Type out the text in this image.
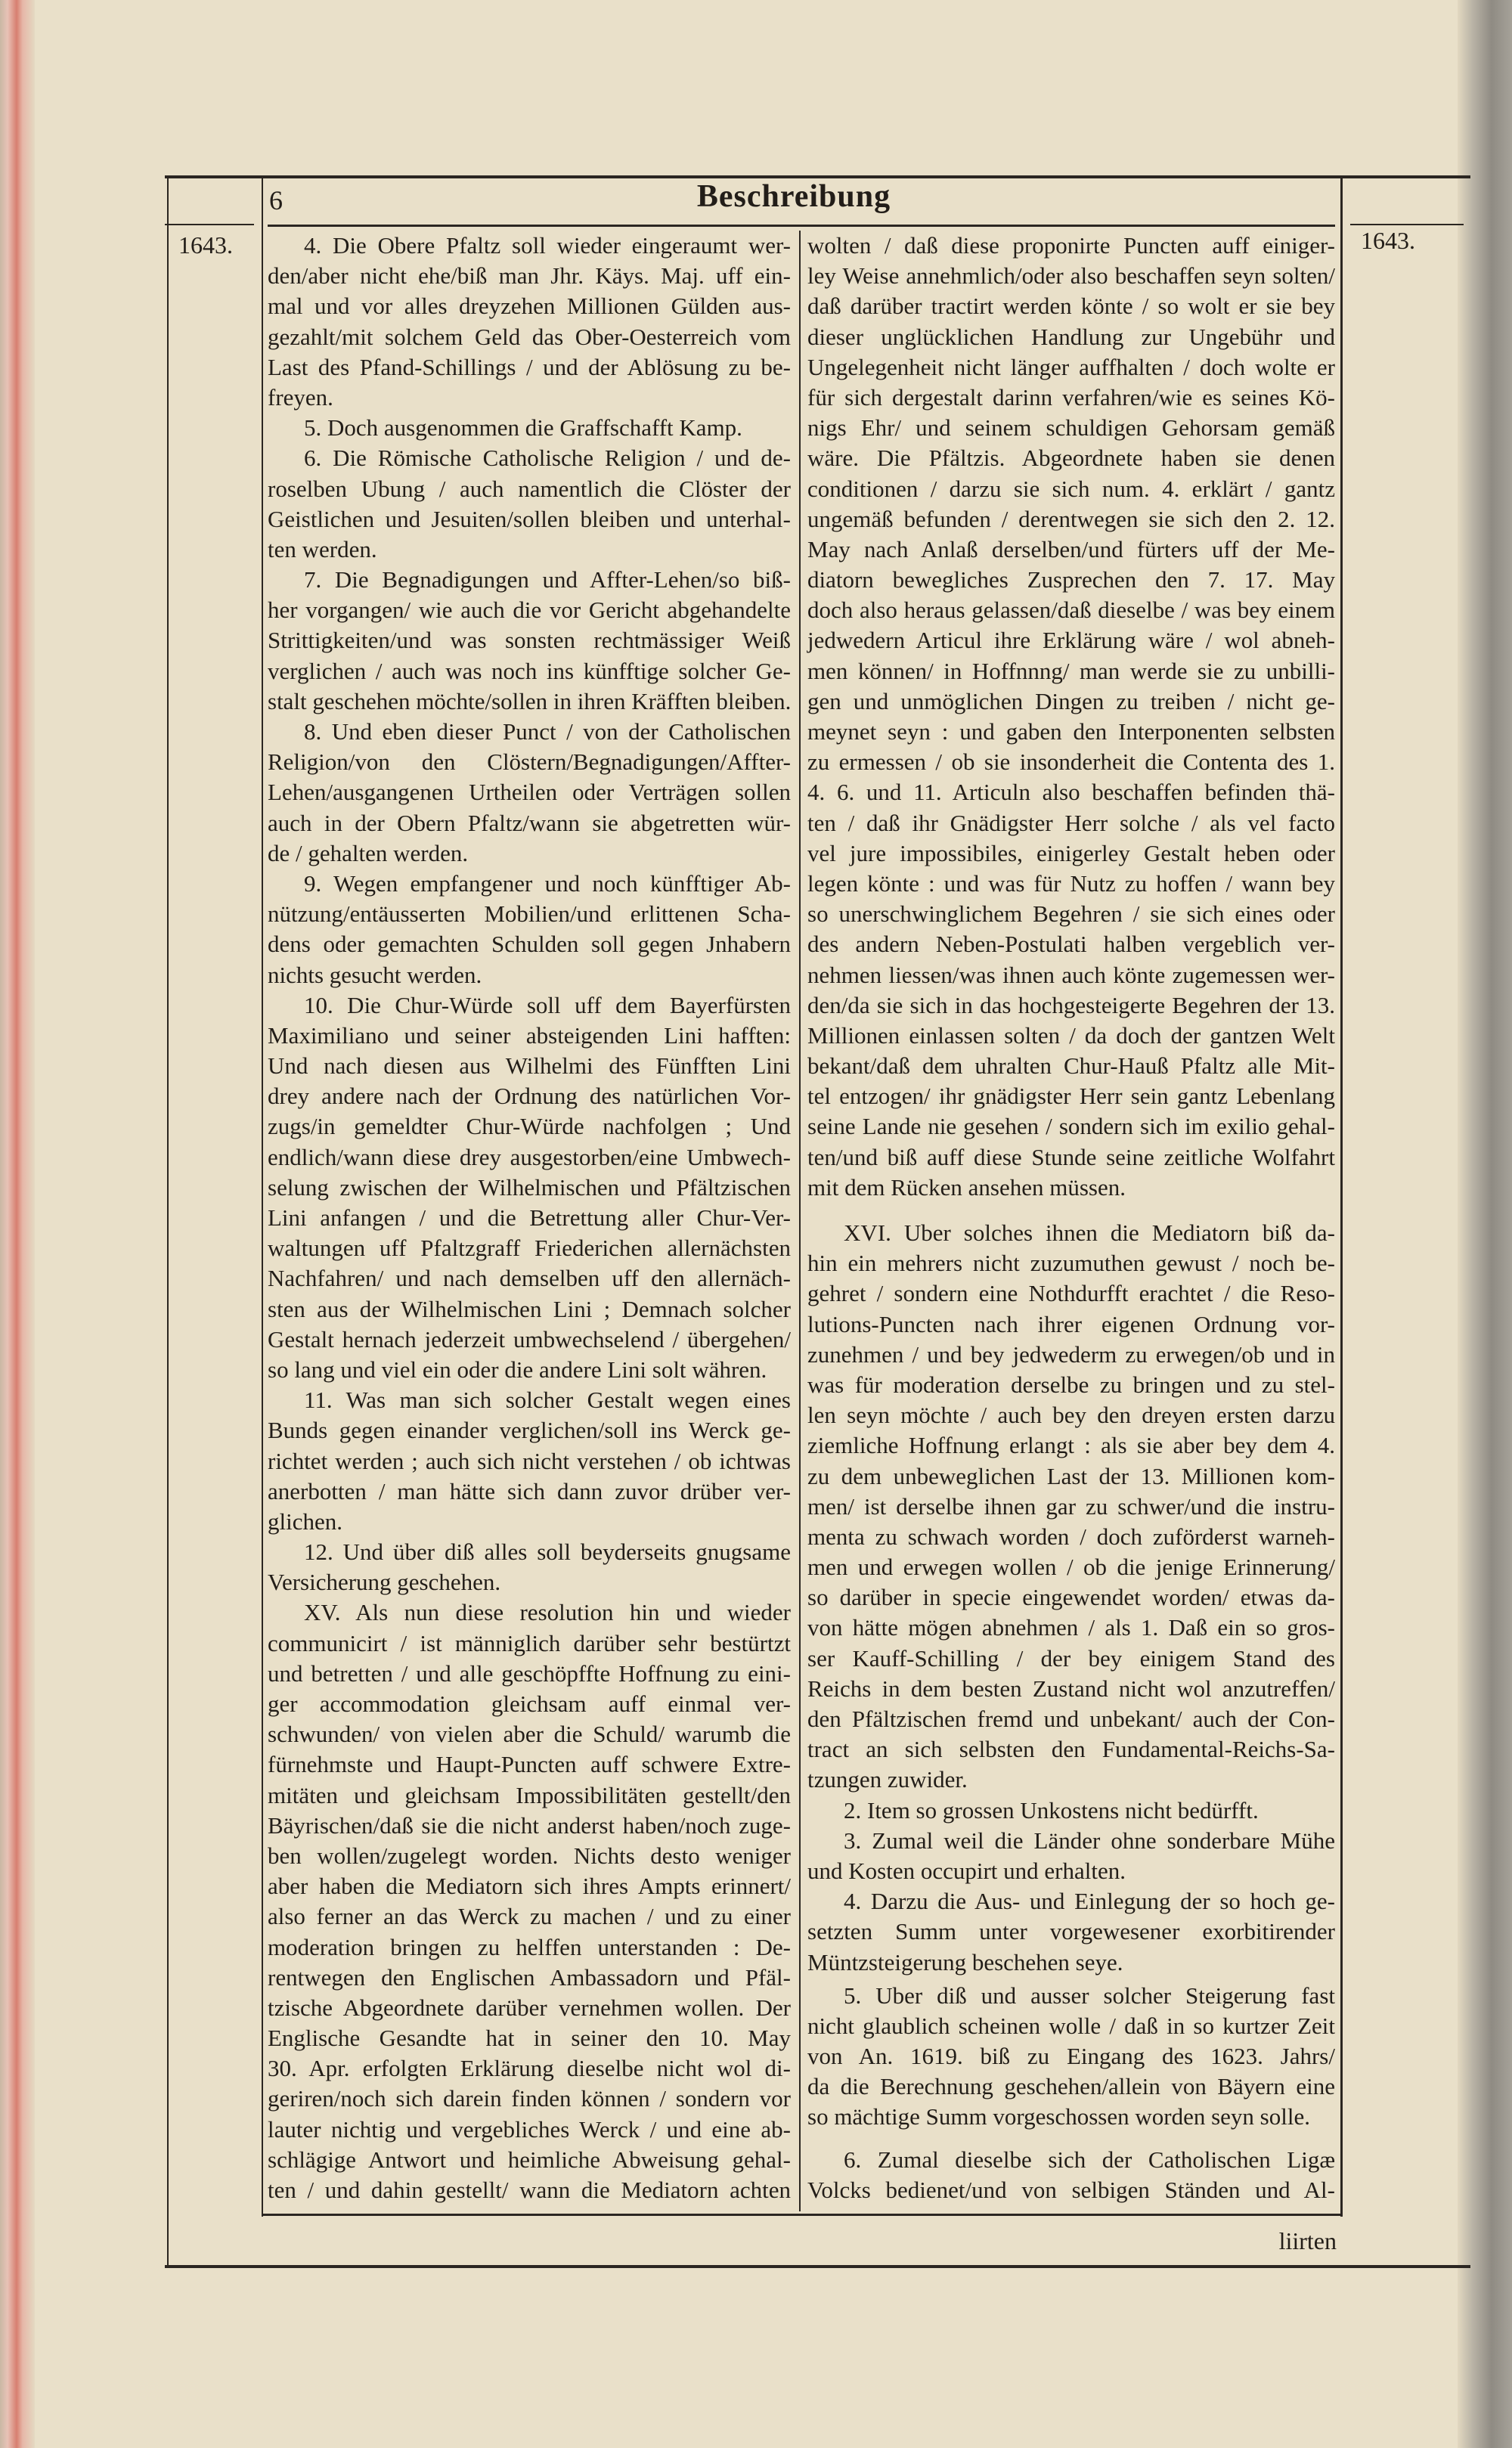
6	Beschreibung
1643.	1643.
4. Die Obere Pfaltz soll wieder eingeraumt wer-
den/aber nicht ehe/biß man Jhr. Käys. Maj. uff ein-
mal und vor alles dreyzehen Millionen Gülden aus-
gezahlt/mit solchem Geld das Ober-Oesterreich vom
Last des Pfand-Schillings / und der Ablösung zu be-
freyen.
5. Doch ausgenommen die Graffschafft Kamp.
6. Die Römische Catholische Religion / und de-
roselben Ubung / auch namentlich die Clöster der
Geistlichen und Jesuiten/sollen bleiben und unterhal-
ten werden.
7. Die Begnadigungen und Affter-Lehen/so biß-
her vorgangen/ wie auch die vor Gericht abgehandelte
Strittigkeiten/und was sonsten rechtmässiger Weiß
verglichen / auch was noch ins künfftige solcher Ge-
stalt geschehen möchte/sollen in ihren Kräfften bleiben.
8. Und eben dieser Punct / von der Catholischen
Religion/von den Clöstern/Begnadigungen/Affter-
Lehen/ausgangenen Urtheilen oder Verträgen sollen
auch in der Obern Pfaltz/wann sie abgetretten wür-
de / gehalten werden.
9. Wegen empfangener und noch künfftiger Ab-
nützung/entäusserten Mobilien/und erlittenen Scha-
dens oder gemachten Schulden soll gegen Jnhabern
nichts gesucht werden.
10. Die Chur-Würde soll uff dem Bayerfürsten
Maximiliano und seiner absteigenden Lini hafften:
Und nach diesen aus Wilhelmi des Fünfften Lini
drey andere nach der Ordnung des natürlichen Vor-
zugs/in gemeldter Chur-Würde nachfolgen ; Und
endlich/wann diese drey ausgestorben/eine Umbwech-
selung zwischen der Wilhelmischen und Pfältzischen
Lini anfangen / und die Betrettung aller Chur-Ver-
waltungen uff Pfaltzgraff Friederichen allernächsten
Nachfahren/ und nach demselben uff den allernäch-
sten aus der Wilhelmischen Lini ; Demnach solcher
Gestalt hernach jederzeit umbwechselend / übergehen/
so lang und viel ein oder die andere Lini solt währen.
11. Was man sich solcher Gestalt wegen eines
Bunds gegen einander verglichen/soll ins Werck ge-
richtet werden ; auch sich nicht verstehen / ob ichtwas
anerbotten / man hätte sich dann zuvor drüber ver-
glichen.
12. Und über diß alles soll beyderseits gnugsame
Versicherung geschehen.
XV. Als nun diese resolution hin und wieder
communicirt / ist männiglich darüber sehr bestürtzt
und betretten / und alle geschöpffte Hoffnung zu eini-
ger accommodation gleichsam auff einmal ver-
schwunden/ von vielen aber die Schuld/ warumb die
fürnehmste und Haupt-Puncten auff schwere Extre-
mitäten und gleichsam Impossibilitäten gestellt/den
Bäyrischen/daß sie die nicht anderst haben/noch zuge-
ben wollen/zugelegt worden. Nichts desto weniger
aber haben die Mediatorn sich ihres Ampts erinnert/
also ferner an das Werck zu machen / und zu einer
moderation bringen zu helffen unterstanden : De-
rentwegen den Englischen Ambassadorn und Pfäl-
tzische Abgeordnete darüber vernehmen wollen. Der
Englische Gesandte hat in seiner den 10. May
30. Apr. erfolgten Erklärung dieselbe nicht wol di-
geriren/noch sich darein finden können / sondern vor
lauter nichtig und vergebliches Werck / und eine ab-
schlägige Antwort und heimliche Abweisung gehal-
ten / und dahin gestellt/ wann die Mediatorn achten
wolten / daß diese proponirte Puncten auff einiger-
ley Weise annehmlich/oder also beschaffen seyn solten/
daß darüber tractirt werden könte / so wolt er sie bey
dieser unglücklichen Handlung zur Ungebühr und
Ungelegenheit nicht länger auffhalten / doch wolte er
für sich dergestalt darinn verfahren/wie es seines Kö-
nigs Ehr/ und seinem schuldigen Gehorsam gemäß
wäre. Die Pfältzis. Abgeordnete haben sie denen
conditionen / darzu sie sich num. 4. erklärt / gantz
ungemäß befunden / derentwegen sie sich den 2. 12.
May nach Anlaß derselben/und fürters uff der Me-
diatorn bewegliches Zusprechen den 7. 17. May
doch also heraus gelassen/daß dieselbe / was bey einem
jedwedern Articul ihre Erklärung wäre / wol abneh-
men können/ in Hoffnnng/ man werde sie zu unbilli-
gen und unmöglichen Dingen zu treiben / nicht ge-
meynet seyn : und gaben den Interponenten selbsten
zu ermessen / ob sie insonderheit die Contenta des 1.
4. 6. und 11. Articuln also beschaffen befinden thä-
ten / daß ihr Gnädigster Herr solche / als vel facto
vel jure impossibiles, einigerley Gestalt heben oder
legen könte : und was für Nutz zu hoffen / wann bey
so unerschwinglichem Begehren / sie sich eines oder
des andern Neben-Postulati halben vergeblich ver-
nehmen liessen/was ihnen auch könte zugemessen wer-
den/da sie sich in das hochgesteigerte Begehren der 13.
Millionen einlassen solten / da doch der gantzen Welt
bekant/daß dem uhralten Chur-Hauß Pfaltz alle Mit-
tel entzogen/ ihr gnädigster Herr sein gantz Lebenlang
seine Lande nie gesehen / sondern sich im exilio gehal-
ten/und biß auff diese Stunde seine zeitliche Wolfahrt
mit dem Rücken ansehen müssen.
XVI. Uber solches ihnen die Mediatorn biß da-
hin ein mehrers nicht zuzumuthen gewust / noch be-
gehret / sondern eine Nothdurfft erachtet / die Reso-
lutions-Puncten nach ihrer eigenen Ordnung vor-
zunehmen / und bey jedwederm zu erwegen/ob und in
was für moderation derselbe zu bringen und zu stel-
len seyn möchte / auch bey den dreyen ersten darzu
ziemliche Hoffnung erlangt : als sie aber bey dem 4.
zu dem unbeweglichen Last der 13. Millionen kom-
men/ ist derselbe ihnen gar zu schwer/und die instru-
menta zu schwach worden / doch zuförderst warneh-
men und erwegen wollen / ob die jenige Erinnerung/
so darüber in specie eingewendet worden/ etwas da-
von hätte mögen abnehmen / als 1. Daß ein so gros-
ser Kauff-Schilling / der bey einigem Stand des
Reichs in dem besten Zustand nicht wol anzutreffen/
den Pfältzischen fremd und unbekant/ auch der Con-
tract an sich selbsten den Fundamental-Reichs-Sa-
tzungen zuwider.
2. Item so grossen Unkostens nicht bedürfft.
3. Zumal weil die Länder ohne sonderbare Mühe
und Kosten occupirt und erhalten.
4. Darzu die Aus- und Einlegung der so hoch ge-
setzten Summ unter vorgewesener exorbitirender
Müntzsteigerung beschehen seye.
5. Uber diß und ausser solcher Steigerung fast
nicht glaublich scheinen wolle / daß in so kurtzer Zeit
von An. 1619. biß zu Eingang des 1623. Jahrs/
da die Berechnung geschehen/allein von Bäyern eine
so mächtige Summ vorgeschossen worden seyn solle.
6. Zumal dieselbe sich der Catholischen Ligæ
Volcks bedienet/und von selbigen Ständen und Al-
liirten
